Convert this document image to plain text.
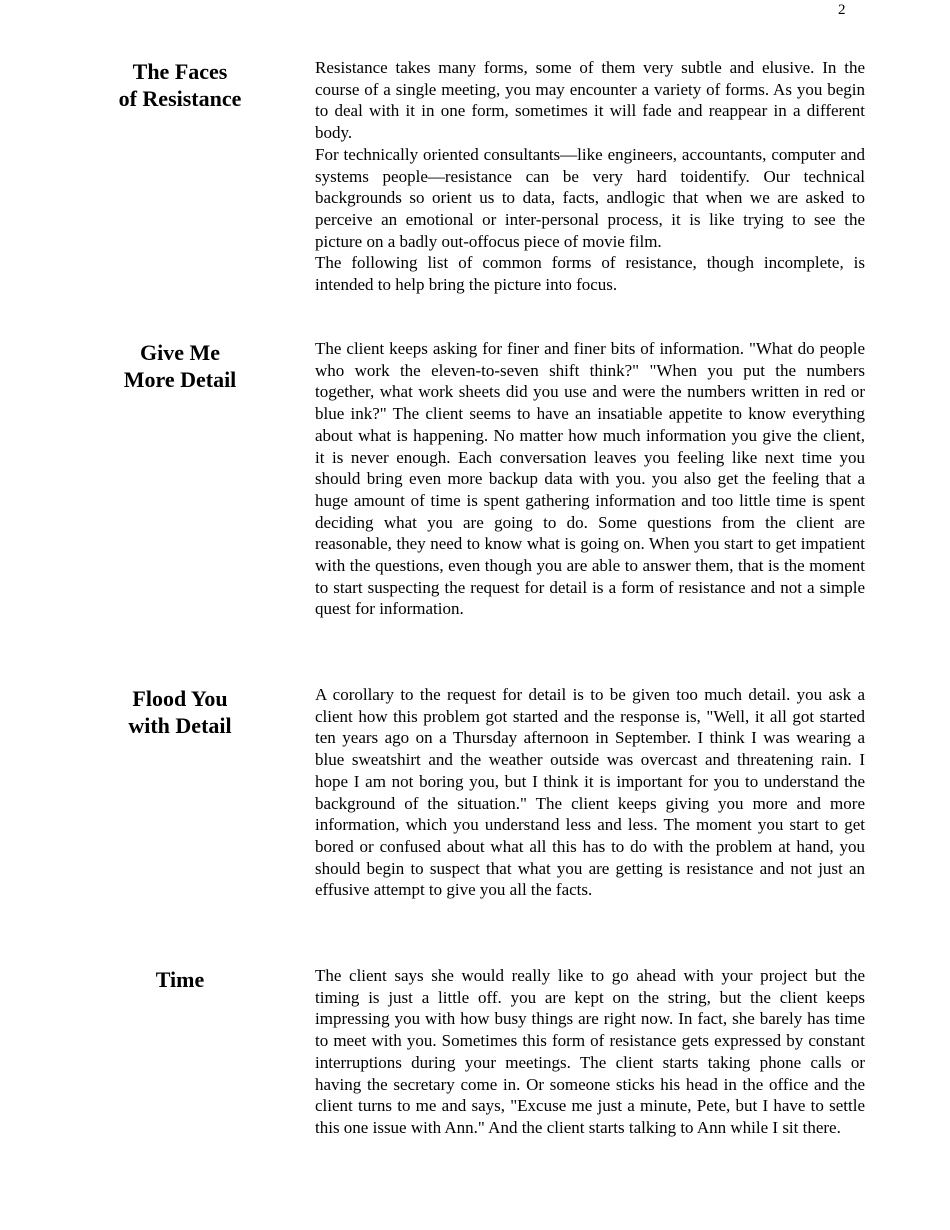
2
The Faces
of Resistance

Resistance takes many forms, some of them very subtle and elusive. In the course of a single meeting, you may encounter a variety of forms. As you begin to deal with it in one form, sometimes it will fade and reappear in a different body.

For technically oriented consultants—like engineers, accountants, computer and systems people—resistance can be very hard toidentify. Our technical backgrounds so orient us to data, facts, andlogic that when we are asked to perceive an emotional or inter-personal process, it is like trying to see the picture on a badly out-offocus piece of movie film.

The following list of common forms of resistance, though incomplete, is intended to help bring the picture into focus.

Give Me
More Detail

The client keeps asking for finer and finer bits of information. "What do people who work the eleven-to-seven shift think?" "When you put the numbers together, what work sheets did you use and were the numbers written in red or blue ink?" The client seems to have an insatiable appetite to know everything about what is happening. No matter how much information you give the client, it is never enough. Each conversation leaves you feeling like next time you should bring even more backup data with you. you also get the feeling that a huge amount of time is spent gathering information and too little time is spent deciding what you are going to do. Some questions from the client are reasonable, they need to know what is going on. When you start to get impatient with the questions, even though you are able to answer them, that is the moment to start suspecting the request for detail is a form of resistance and not a simple quest for information.

Flood You
with Detail

A corollary to the request for detail is to be given too much detail. you ask a client how this problem got started and the response is, "Well, it all got started ten years ago on a Thursday afternoon in September. I think I was wearing a blue sweatshirt and the weather outside was overcast and threatening rain. I hope I am not boring you, but I think it is important for you to understand the background of the situation." The client keeps giving you more and more information, which you understand less and less. The moment you start to get bored or confused about what all this has to do with the problem at hand, you should begin to suspect that what you are getting is resistance and not just an effusive attempt to give you all the facts.

Time	The client says she would really like to go ahead with your project but the timing is just a little off. you are kept on the string, but the client keeps impressing you with how busy things are right now. In fact, she barely has time to meet with you. Sometimes this form of resistance gets expressed by constant interruptions during your meetings. The client starts taking phone calls or having the secretary come in. Or someone sticks his head in the office and the client turns to me and says, "Excuse me just a minute, Pete, but I have to settle this one issue with Ann." And the client starts talking to Ann while I sit there.
